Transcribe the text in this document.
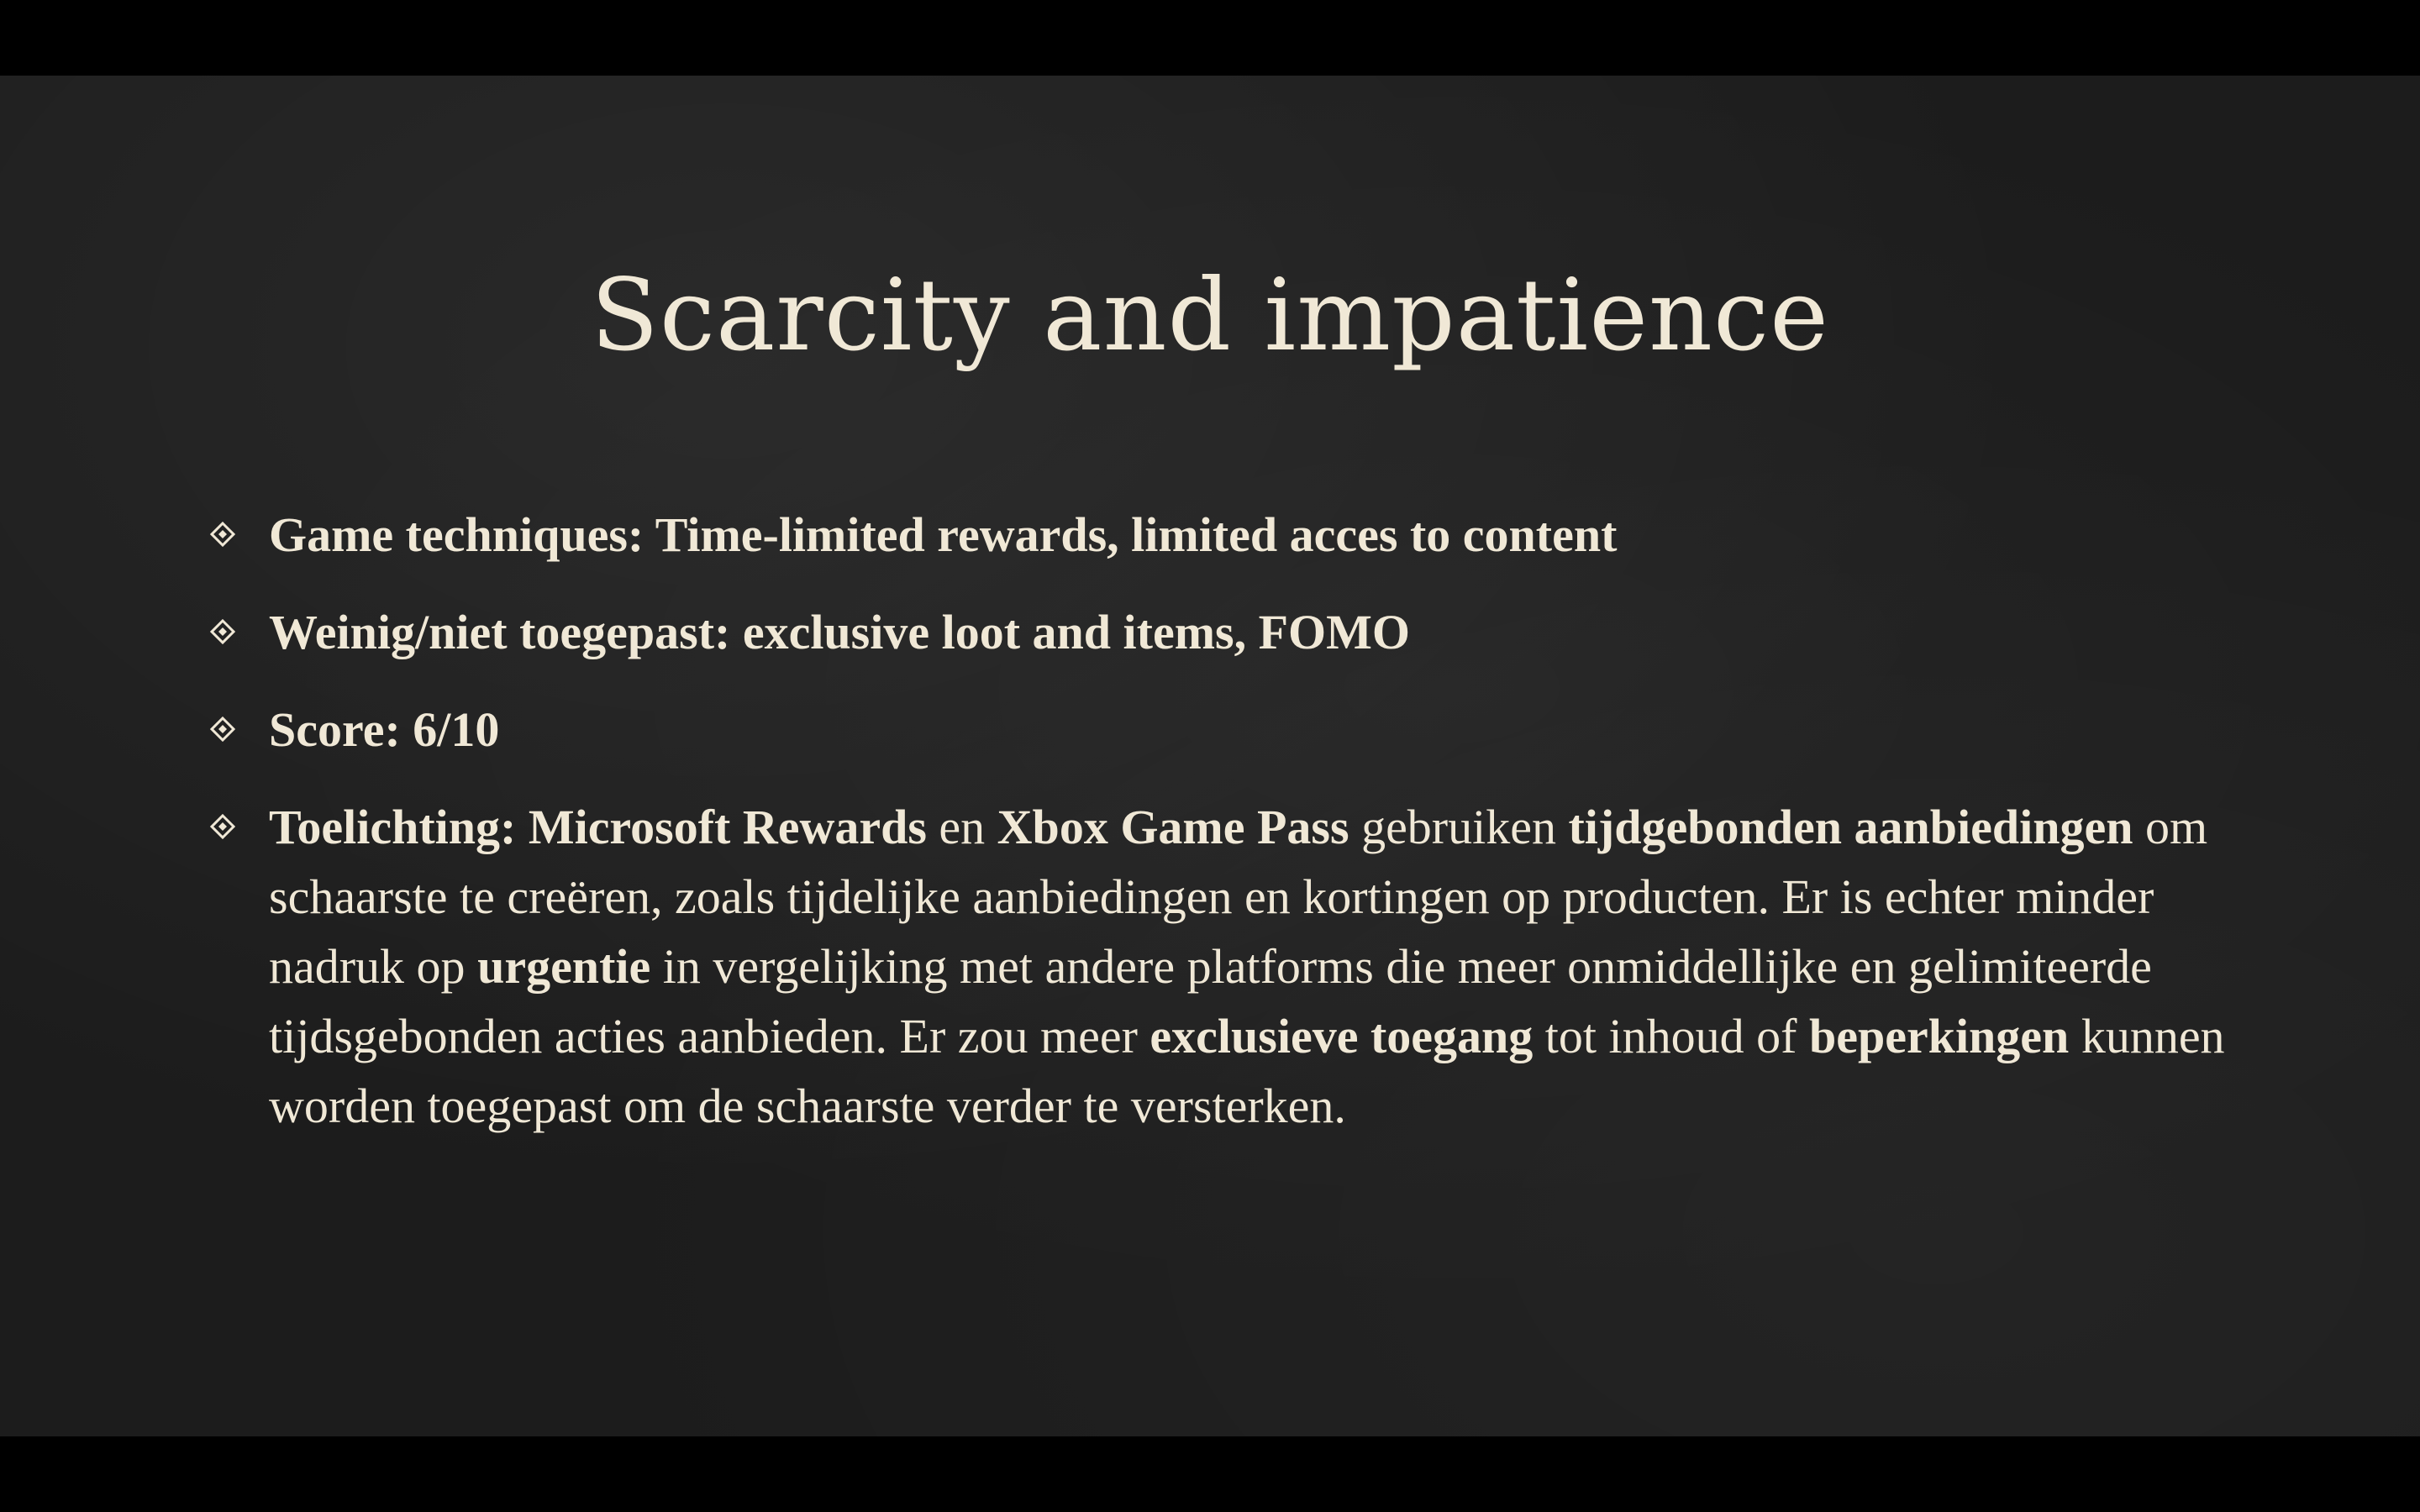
Scarcity and impatience
Game techniques: Time-limited rewards, limited acces to content
Weinig/niet toegepast: exclusive loot and items, FOMO
Score: 6/10
Toelichting: Microsoft Rewards en Xbox Game Pass gebruiken tijdgebonden aanbiedingen om schaarste te creëren, zoals tijdelijke aanbiedingen en kortingen op producten. Er is echter minder nadruk op urgentie in vergelijking met andere platforms die meer onmiddellijke en gelimiteerde tijdsgebonden acties aanbieden. Er zou meer exclusieve toegang tot inhoud of beperkingen kunnen worden toegepast om de schaarste verder te versterken.
